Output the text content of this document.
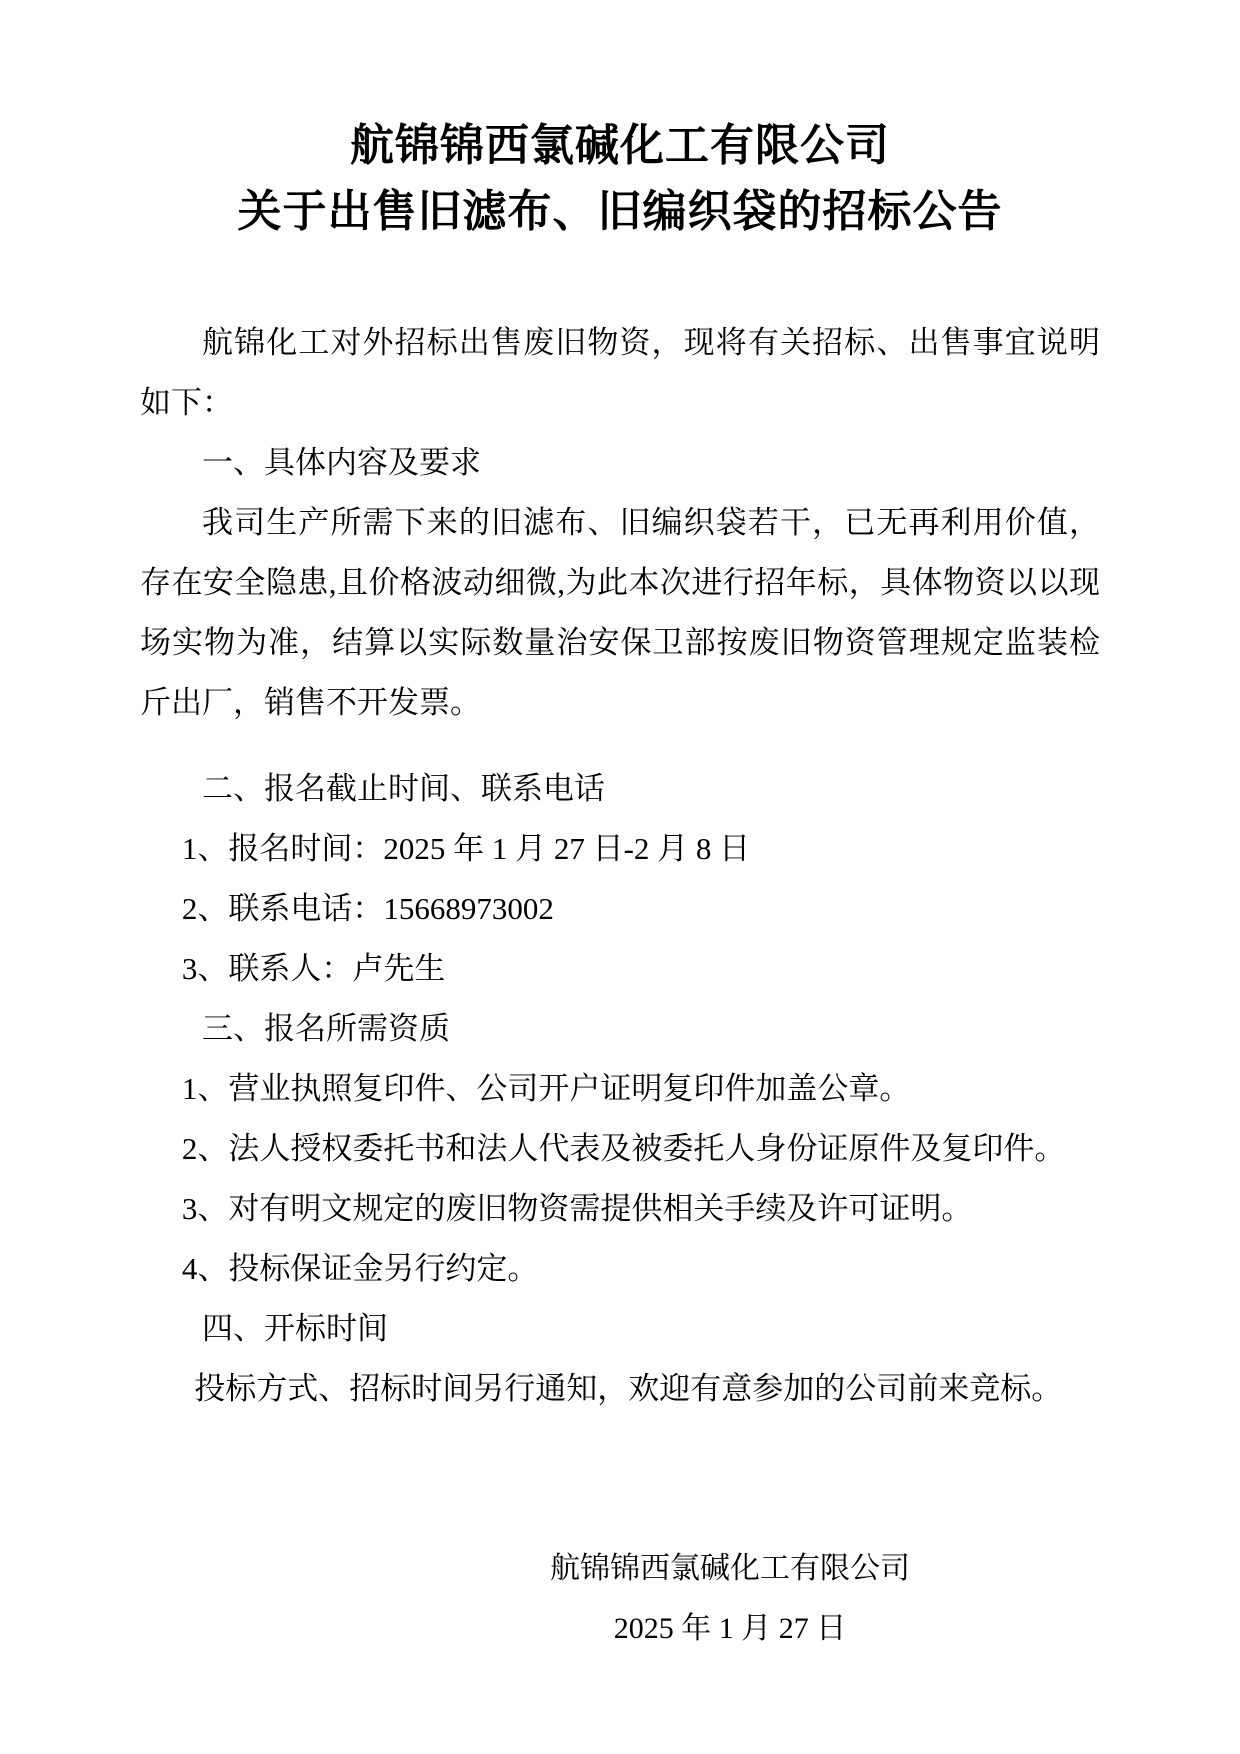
航锦锦西氯碱化工有限公司
关于出售旧滤布、旧编织袋的招标公告

航锦化工对外招标出售废旧物资，现将有关招标、出售事宜说明如下：

一、具体内容及要求

我司生产所需下来的旧滤布、旧编织袋若干，已无再利用价值，存在安全隐患,且价格波动细微,为此本次进行招年标，具体物资以以现场实物为准，结算以实际数量治安保卫部按废旧物资管理规定监装检斤出厂，销售不开发票。

二、报名截止时间、联系电话

1、报名时间：2025 年 1 月 27 日-2 月 8 日

2、联系电话：15668973002

3、联系人：卢先生

三、报名所需资质

1、营业执照复印件、公司开户证明复印件加盖公章。

2、法人授权委托书和法人代表及被委托人身份证原件及复印件。

3、对有明文规定的废旧物资需提供相关手续及许可证明。

4、投标保证金另行约定。

四、开标时间

投标方式、招标时间另行通知，欢迎有意参加的公司前来竞标。

航锦锦西氯碱化工有限公司

2025 年 1 月 27 日
